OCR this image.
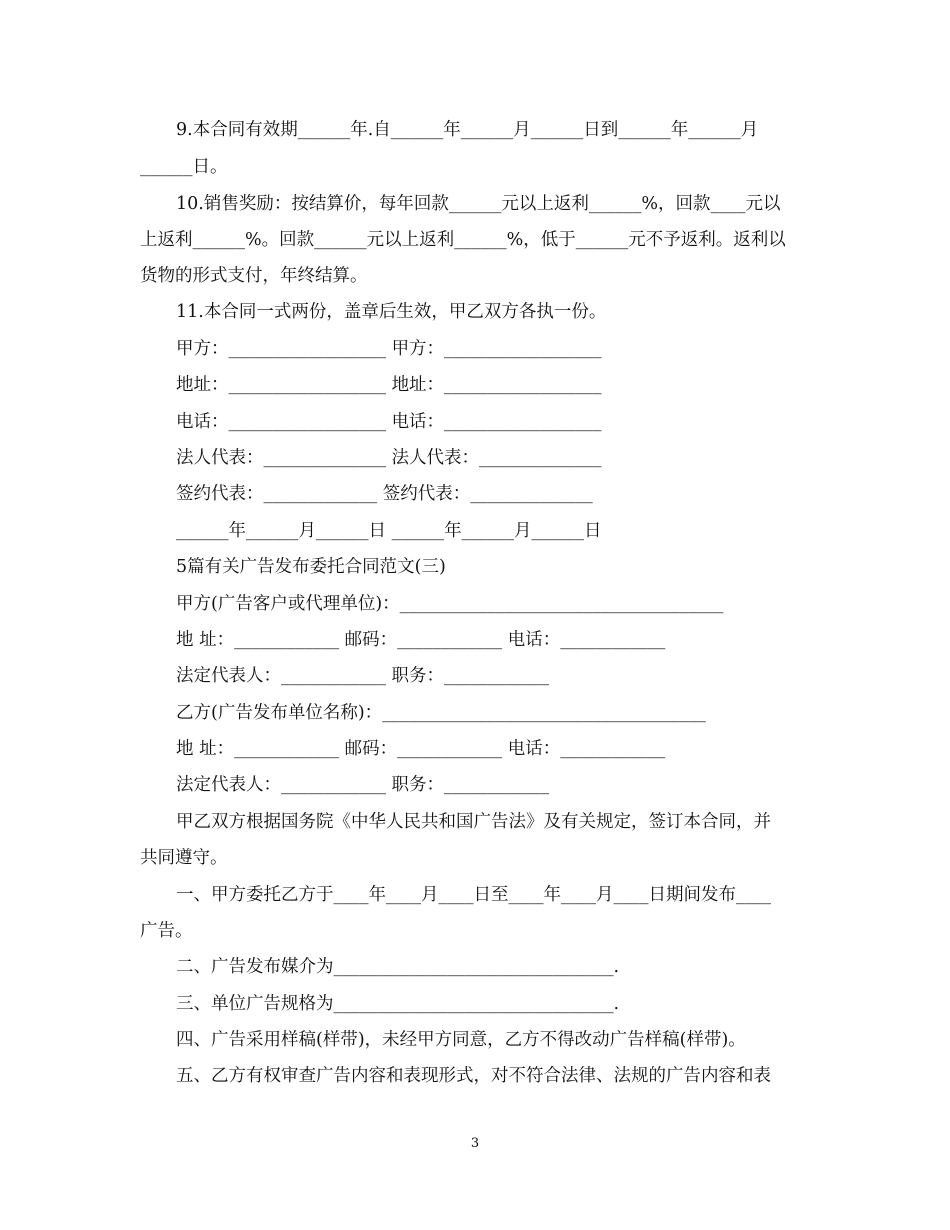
9.本合同有效期______年.自______年______月______日到______年______月
______日。
10.销售奖励：按结算价，每年回款______元以上返利______%，回款____元以
上返利______%。回款______元以上返利______%，低于______元不予返利。返利以
货物的形式支付，年终结算。
11.本合同一式两份，盖章后生效，甲乙双方各执一份。
甲方：__________________ 甲方：__________________
地址：__________________ 地址：__________________
电话：__________________ 电话：__________________
法人代表：______________ 法人代表：______________
签约代表：_____________ 签约代表：______________
______年______月______日 ______年______月______日
5篇有关广告发布委托合同范文(三)
甲方(广告客户或代理单位)：_____________________________________
地 址：____________ 邮码：____________ 电话：____________
法定代表人：____________ 职务：____________
乙方(广告发布单位名称)：_____________________________________
地 址：____________ 邮码：____________ 电话：____________
法定代表人：____________ 职务：____________
甲乙双方根据国务院《中华人民共和国广告法》及有关规定，签订本合同，并
共同遵守。
一、甲方委托乙方于____年____月____日至____年____月____日期间发布____
广告。
二、广告发布媒介为________________________________.
三、单位广告规格为________________________________.
四、广告采用样稿(样带)，未经甲方同意，乙方不得改动广告样稿(样带)。
五、乙方有权审查广告内容和表现形式，对不符合法律、法规的广告内容和表
3
